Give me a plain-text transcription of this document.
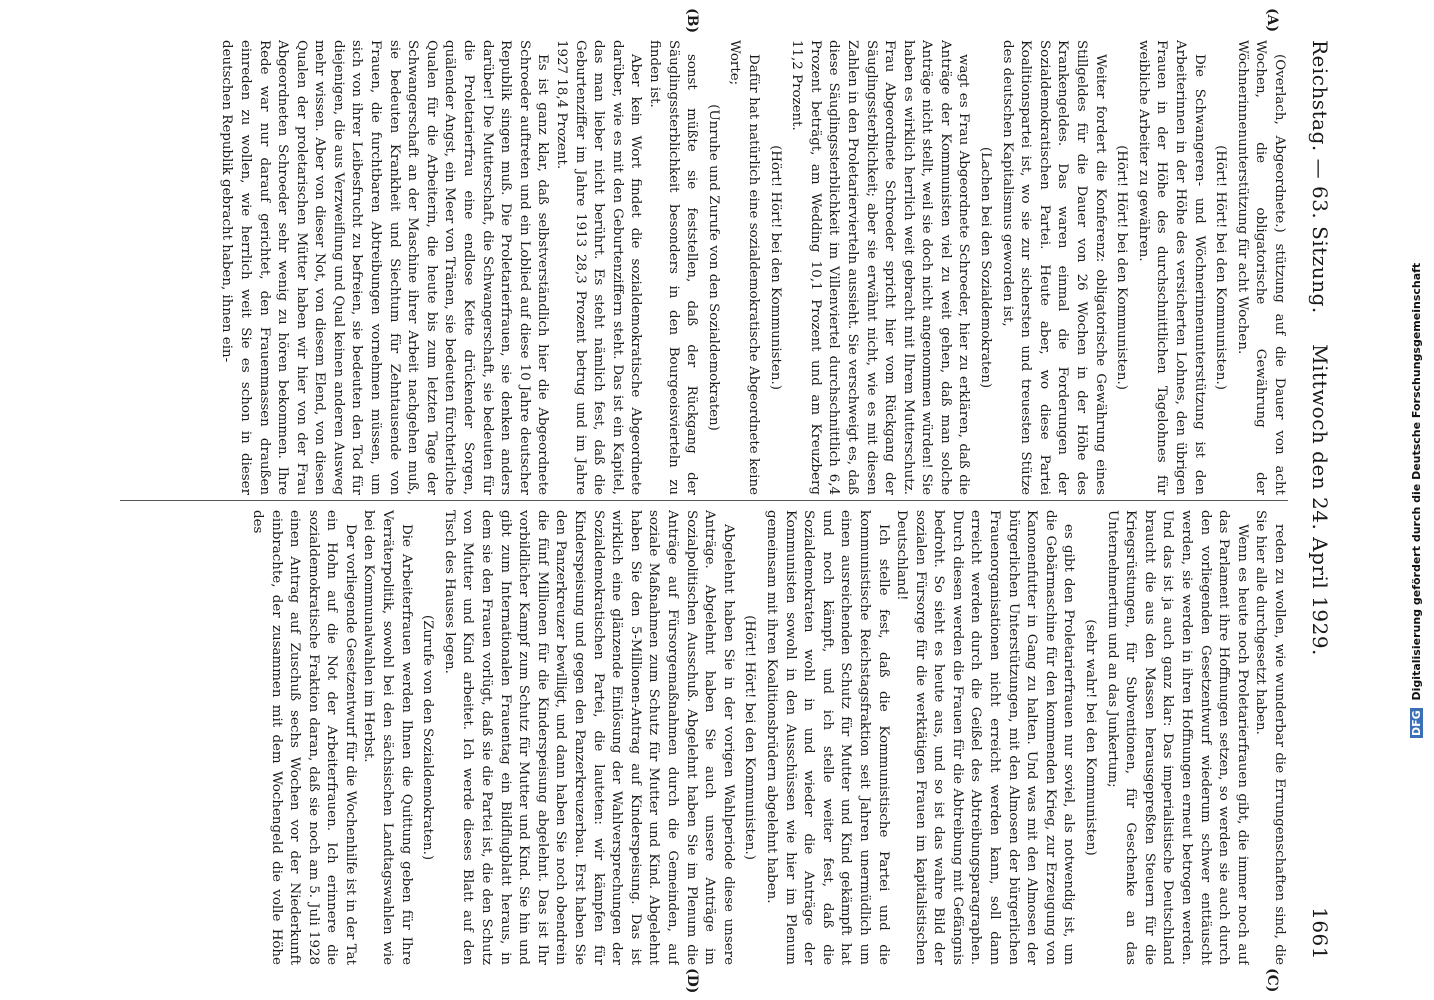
Reichstag. — 63. Sitzung.
Mittwoch den 24. April 1929.
1661
(A)
(B)
(C)
(D)

(Overlach, Abgeordnete.) stützung auf die Dauer von acht Wochen, die obligatorische Gewährung der Wöchnerinnenunterstützung für acht Wochen.

(Hört! Hört! bei den Kommunisten.)

Die Schwangeren- und Wöchnerinnenunterstützung ist den Arbeiterinnen in der Höhe des versicherten Lohnes, den übrigen Frauen in der Höhe des durchschnittlichen Tagelohnes für weibliche Arbeiter zu gewähren.

(Hört! Hört! bei den Kommunisten.)

Weiter fordert die Konferenz: obligatorische Gewährung eines Stillgeldes für die Dauer von 26 Wochen in der Höhe des Krankengeldes. Das waren einmal die Forderungen der Sozialdemokratischen Partei. Heute aber, wo diese Partei Koalitionspartei ist, wo sie zur sichersten und treuesten Stütze des deutschen Kapitalismus geworden ist,

(Lachen bei den Sozialdemokraten)

wagt es Frau Abgeordnete Schroeder, hier zu erklären, daß die Anträge der Kommunisten viel zu weit gehen, daß man solche Anträge nicht stellt, weil sie doch nicht angenommen würden! Sie haben es wirklich herrlich weit gebracht mit Ihrem Mutterschutz. Frau Abgeordnete Schroeder spricht hier vom Rückgang der Säuglingssterblichkeit; aber sie erwähnt nicht, wie es mit diesen Zahlen in den Proletariervierteln aussieht. Sie verschweigt es, daß diese Säuglingssterblichkeit im Villenviertel durchschnittlich 6,4 Prozent beträgt, am Wedding 10,1 Prozent und am Kreuzberg 11,2 Prozent.

(Hört! Hört! bei den Kommunisten.)

Dafür hat natürlich eine sozialdemokratische Abgeordnete keine Worte;

(Unruhe und Zurufe von den Sozialdemokraten)

sonst müßte sie feststellen, daß der Rückgang der Säuglingssterblichkeit besonders in den Bourgeoisvierteln zu finden ist.

Aber kein Wort findet die sozialdemokratische Abgeordnete darüber, wie es mit den Geburtenziffern steht. Das ist ein Kapitel, das man lieber nicht berührt. Es steht nämlich fest, daß die Geburtenziffer im Jahre 1913 28,3 Prozent betrug und im Jahre 1927 18,4 Prozent.

Es ist ganz klar, daß selbstverständlich hier die Abgeordnete Schroeder auftreten und ein Loblied auf diese 10 Jahre deutscher Republik singen muß. Die Proletarierfrauen, sie denken anders darüber! Die Mutterschaft, die Schwangerschaft, sie bedeuten für die Proletarierfrau eine endlose Kette drückender Sorgen, quälender Angst, ein Meer von Tränen, sie bedeuten fürchterliche Qualen für die Arbeiterin, die heute bis zum letzten Tage der Schwangerschaft an der Maschine ihrer Arbeit nachgehen muß, sie bedeuten Krankheit und Siechtum für Zehntausende von Frauen, die furchtbaren Abtreibungen vornehmen müssen, um sich von ihrer Leibesfrucht zu befreien, sie bedeuten den Tod für diejenigen, die aus Verzweiflung und Qual keinen anderen Ausweg mehr wissen. Aber von dieser Not, von diesem Elend, von diesen Qualen der proletarischen Mütter haben wir hier von der Frau Abgeordneten Schroeder sehr wenig zu hören bekommen. Ihre Rede war nur darauf gerichtet, den Frauenmassen draußen einreden zu wollen, wie herrlich weit Sie es schon in dieser deutschen Republik gebracht haben, ihnen ein-

reden zu wollen, wie wunderbar die Errungenschaften sind, die Sie hier alle durchgesetzt haben.

Wenn es heute noch Proletarierfrauen gibt, die immer noch auf das Parlament ihre Hoffnungen setzen, so werden sie auch durch den vorliegenden Gesetzentwurf wiederum schwer enttäuscht werden, sie werden in ihren Hoffnungen erneut betrogen werden. Und das ist ja auch ganz klar: Das imperialistische Deutschland braucht die aus den Massen herausgepreßten Steuern für die Kriegsrüstungen, für Subventionen, für Geschenke an das Unternehmertum und an das Junkertum;

(sehr wahr! bei den Kommunisten)

es gibt den Proletarierfrauen nur soviel, als notwendig ist, um die Gebärmaschine für den kommenden Krieg, zur Erzeugung von Kanonenfutter in Gang zu halten. Und was mit den Almosen der bürgerlichen Unterstützungen, mit den Almosen der bürgerlichen Frauenorganisationen nicht erreicht werden kann, soll dann erreicht werden durch die Geißel des Abtreibungsparagraphen. Durch diesen werden die Frauen für die Abtreibung mit Gefängnis bedroht. So sieht es heute aus, und so ist das wahre Bild der sozialen Fürsorge für die werktätigen Frauen im kapitalistischen Deutschland!

Ich stelle fest, daß die Kommunistische Partei und die kommunistische Reichstagsfraktion seit Jahren unermüdlich um einen ausreichenden Schutz für Mutter und Kind gekämpft hat und noch kämpft, und ich stelle weiter fest, daß die Sozialdemokraten wohl in und wieder die Anträge der Kommunisten sowohl in den Ausschüssen wie hier im Plenum gemeinsam mit ihren Koalitionsbrüdern abgelehnt haben.

(Hört! Hört! bei den Kommunisten.)

Abgelehnt haben Sie in der vorigen Wahlperiode diese unsere Anträge. Abgelehnt haben Sie auch unsere Anträge im Sozialpolitischen Ausschuß. Abgelehnt haben Sie im Plenum die Anträge auf Fürsorgemaßnahmen durch die Gemeinden, auf soziale Maßnahmen zum Schutz für Mutter und Kind. Abgelehnt haben Sie den 5-Millionen-Antrag auf Kinderspeisung. Das ist wirklich eine glänzende Einlösung der Wahlversprechungen der Sozialdemokratischen Partei, die lauteten: wir kämpfen für Kinderspeisung und gegen den Panzerkreuzerbau. Erst haben Sie den Panzerkreuzer bewilligt, und dann haben Sie noch obendrein die fünf Millionen für die Kinderspeisung abgelehnt. Das ist Ihr vorbildlicher Kampf zum Schutz für Mutter und Kind. Sie hin und gibt zum Internationalen Frauentag ein Bildflugblatt heraus, in dem sie den Frauen vorlügt, daß sie die Partei ist, die den Schutz von Mutter und Kind arbeitet. Ich werde dieses Blatt auf den Tisch des Hauses legen.

(Zurufe von den Sozialdemokraten.)

Die Arbeiterfrauen werden Ihnen die Quittung geben für Ihre Verräterpolitik, sowohl bei den sächsischen Landtagswahlen wie bei den Kommunalwahlen im Herbst.

Der vorliegende Gesetzentwurf für die Wochenhilfe ist in der Tat ein Hohn auf die Not der Arbeiterfrauen. Ich erinnere die sozialdemokratische Fraktion daran, daß sie noch am 5. Juli 1928 einen Antrag auf Zuschuß sechs Wochen vor der Niederkunft einbrachte, der zusammen mit dem Wochengeld die volle Höhe des

DFG Digitalisierung gefördert durch die Deutsche Forschungsgemeinschaft
